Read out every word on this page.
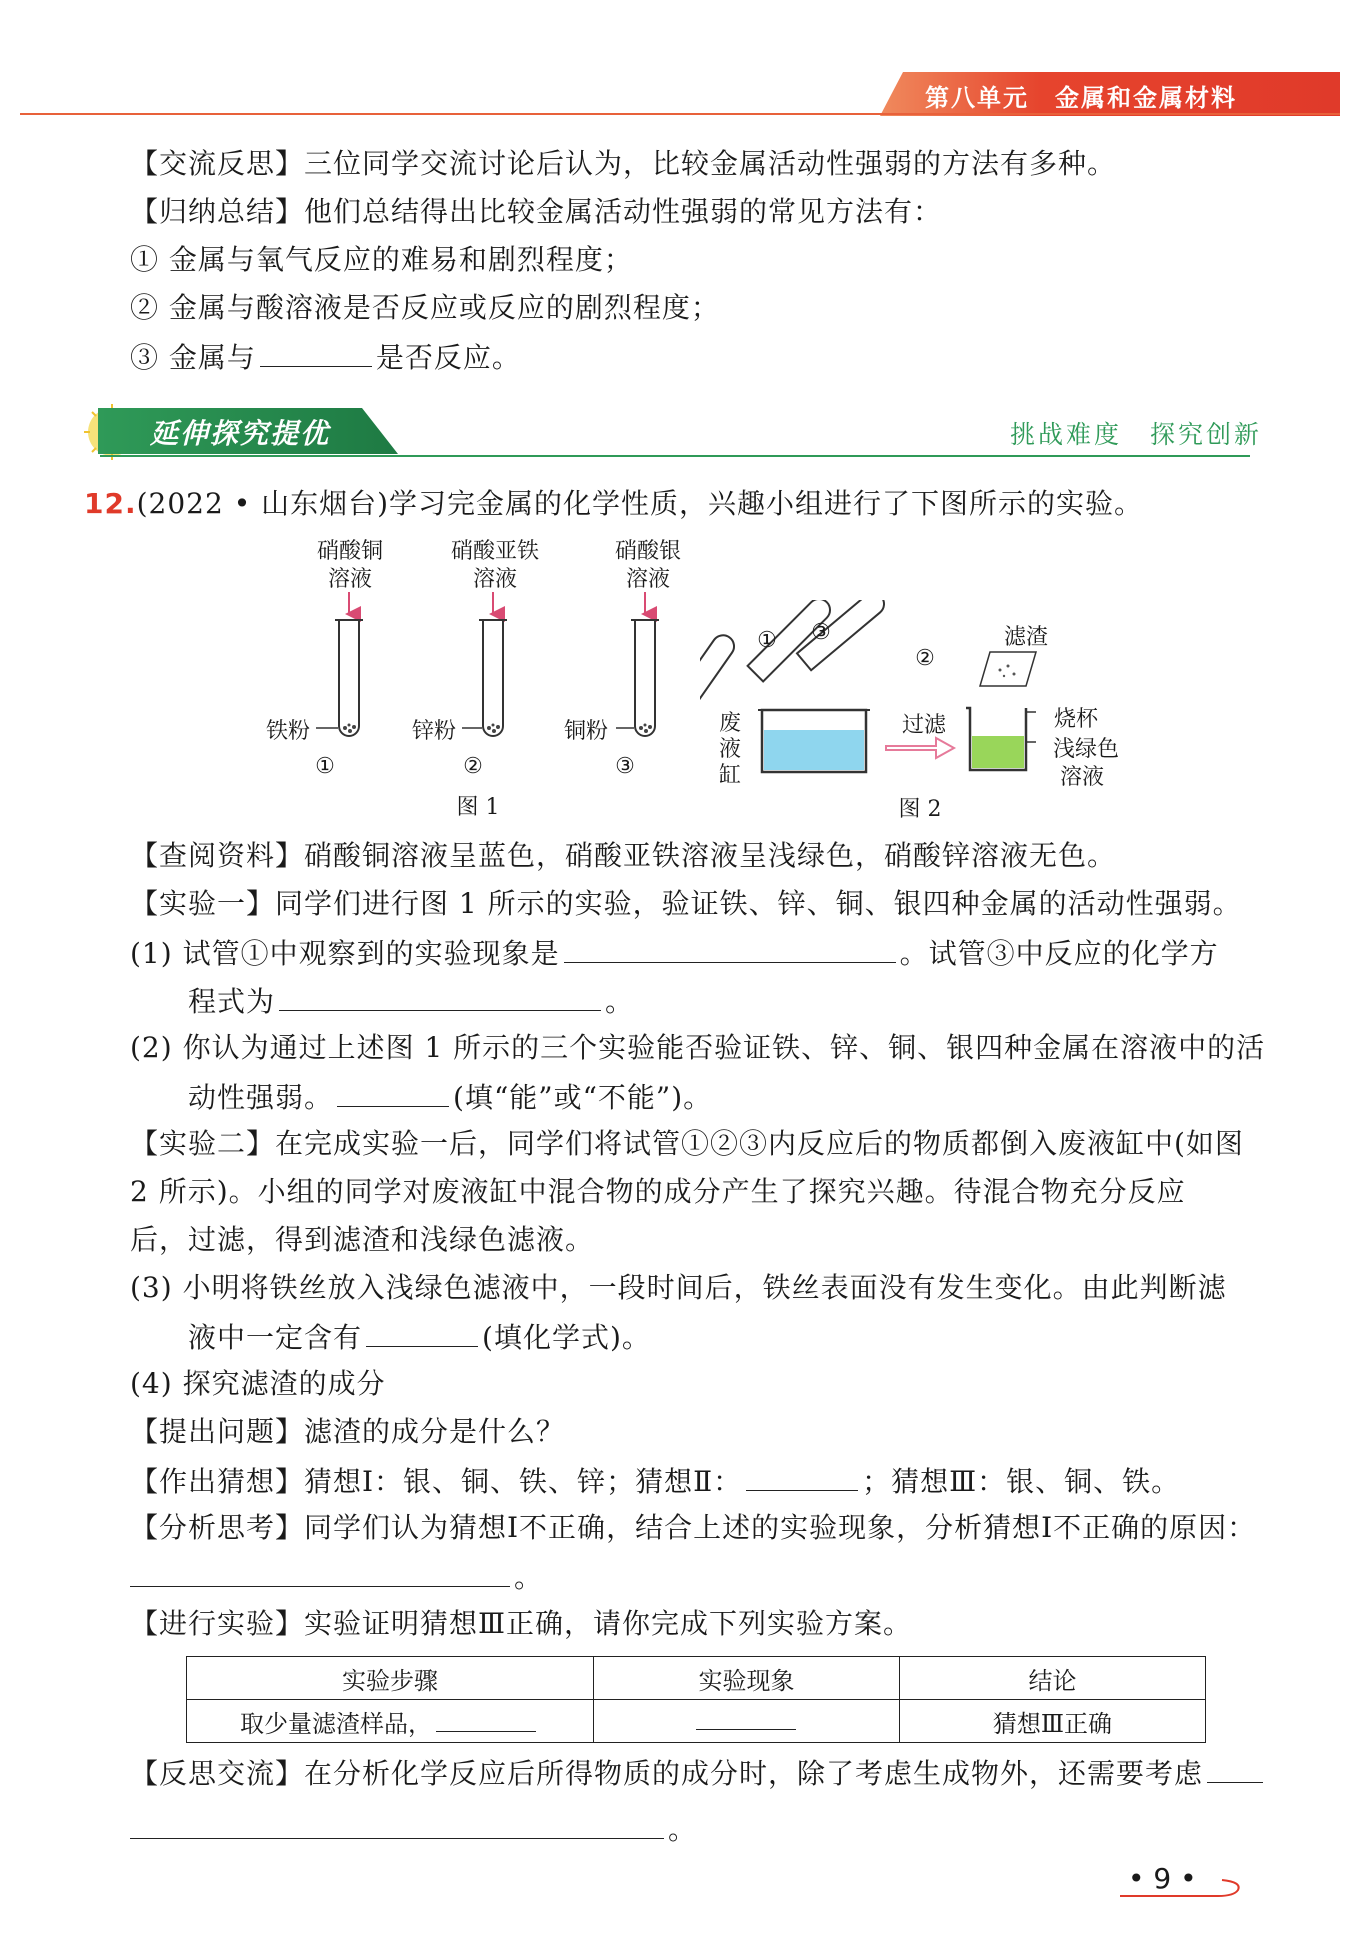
第八单元　金属和金属材料
【交流反思】三位同学交流讨论后认为，比较金属活动性强弱的方法有多种。
【归纳总结】他们总结得出比较金属活动性强弱的常见方法有：
① 金属与氧气反应的难易和剧烈程度；
② 金属与酸溶液是否反应或反应的剧烈程度；
③ 金属与	是否反应。
延伸探究提优	挑战难度　探究创新
12.(2022 • 山东烟台)学习完金属的化学性质，兴趣小组进行了下图所示的实验。
硝酸铜
溶液
铁粉
①
硝酸亚铁
溶液
锌粉
②
硝酸银
溶液
铜粉
③
图 1
① ③
②
废
液
缸
过滤
滤渣
烧杯
浅绿色
溶液
图 2
【查阅资料】硝酸铜溶液呈蓝色，硝酸亚铁溶液呈浅绿色，硝酸锌溶液无色。
【实验一】同学们进行图 1 所示的实验，验证铁、锌、铜、银四种金属的活动性强弱。
(1) 试管①中观察到的实验现象是	。试管③中反应的化学方
程式为	。
(2) 你认为通过上述图 1 所示的三个实验能否验证铁、锌、铜、银四种金属在溶液中的活
动性强弱。	(填“能”或“不能”)。
【实验二】在完成实验一后，同学们将试管①②③内反应后的物质都倒入废液缸中(如图
2 所示)。小组的同学对废液缸中混合物的成分产生了探究兴趣。待混合物充分反应
后，过滤，得到滤渣和浅绿色滤液。
(3) 小明将铁丝放入浅绿色滤液中，一段时间后，铁丝表面没有发生变化。由此判断滤
液中一定含有	(填化学式)。
(4) 探究滤渣的成分
【提出问题】滤渣的成分是什么？
【作出猜想】猜想Ⅰ：银、铜、铁、锌；猜想Ⅱ：	；猜想Ⅲ：银、铜、铁。
【分析思考】同学们认为猜想Ⅰ不正确，结合上述的实验现象，分析猜想Ⅰ不正确的原因：
。
【进行实验】实验证明猜想Ⅲ正确，请你完成下列实验方案。
实验步骤	实验现象	结论
取少量滤渣样品，		猜想Ⅲ正确
【反思交流】在分析化学反应后所得物质的成分时，除了考虑生成物外，还需要考虑
。
• 9 •
